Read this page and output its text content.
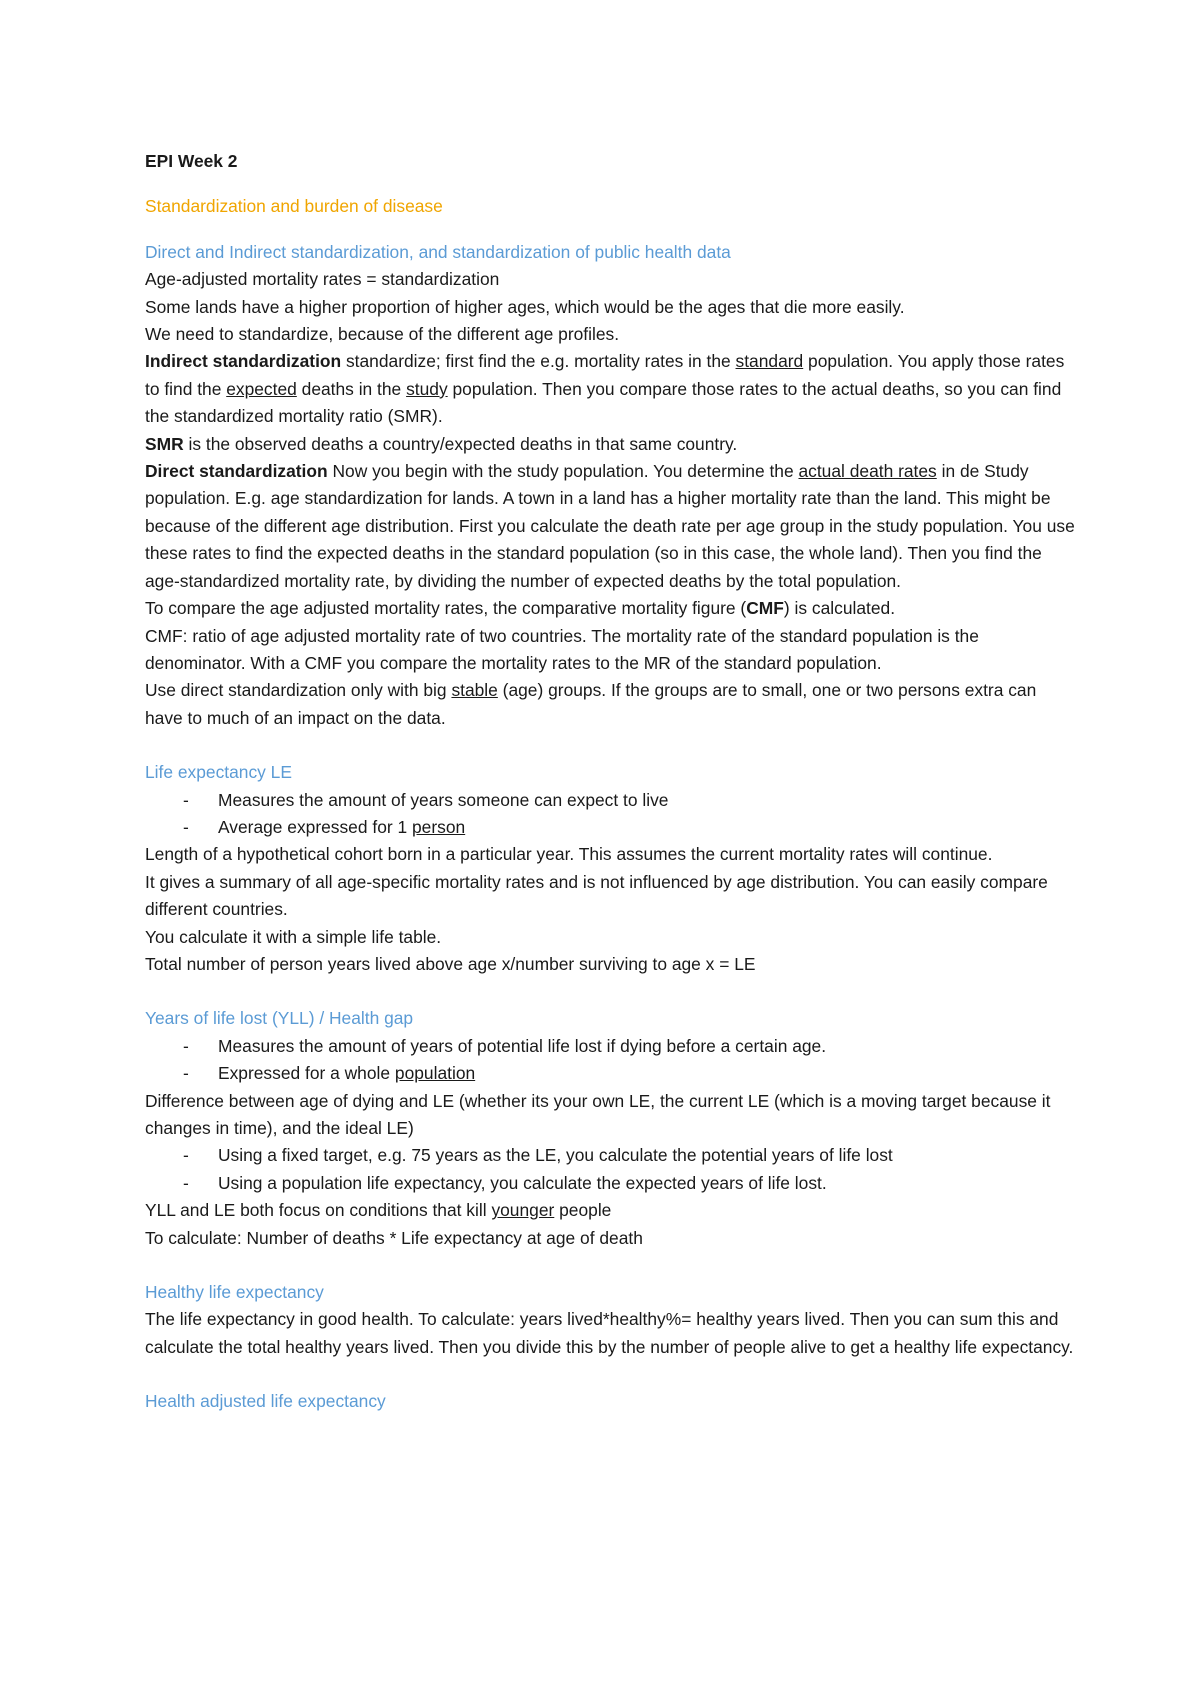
EPI Week 2

Standardization and burden of disease

Direct and Indirect standardization, and standardization of public health data

Age-adjusted mortality rates = standardization

Some lands have a higher proportion of higher ages, which would be the ages that die more easily.

We need to standardize, because of the different age profiles.

Indirect standardization standardize; first find the e.g. mortality rates in the standard population. You apply those rates to find the expected deaths in the study population. Then you compare those rates to the actual deaths, so you can find the standardized mortality ratio (SMR).

SMR is the observed deaths a country/expected deaths in that same country.

Direct standardization Now you begin with the study population. You determine the actual death rates in de Study population. E.g. age standardization for lands. A town in a land has a higher mortality rate than the land. This might be because of the different age distribution. First you calculate the death rate per age group in the study population. You use these rates to find the expected deaths in the standard population (so in this case, the whole land). Then you find the age-standardized mortality rate, by dividing the number of expected deaths by the total population.

To compare the age adjusted mortality rates, the comparative mortality figure (CMF) is calculated.

CMF: ratio of age adjusted mortality rate of two countries. The mortality rate of the standard population is the denominator. With a CMF you compare the mortality rates to the MR of the standard population.

Use direct standardization only with big stable (age) groups. If the groups are to small, one or two persons extra can have to much of an impact on the data.

Life expectancy LE

- Measures the amount of years someone can expect to live

- Average expressed for 1 person

Length of a hypothetical cohort born in a particular year. This assumes the current mortality rates will continue.

It gives a summary of all age-specific mortality rates and is not influenced by age distribution. You can easily compare different countries.

You calculate it with a simple life table.

Total number of person years lived above age x/number surviving to age x = LE

Years of life lost (YLL) / Health gap

- Measures the amount of years of potential life lost if dying before a certain age.

- Expressed for a whole population

Difference between age of dying and LE (whether its your own LE, the current LE (which is a moving target because it changes in time), and the ideal LE)

- Using a fixed target, e.g. 75 years as the LE, you calculate the potential years of life lost

- Using a population life expectancy, you calculate the expected years of life lost.

YLL and LE both focus on conditions that kill younger people

To calculate: Number of deaths * Life expectancy at age of death

Healthy life expectancy

The life expectancy in good health. To calculate: years lived*healthy%= healthy years lived. Then you can sum this and calculate the total healthy years lived. Then you divide this by the number of people alive to get a healthy life expectancy.

Health adjusted life expectancy
